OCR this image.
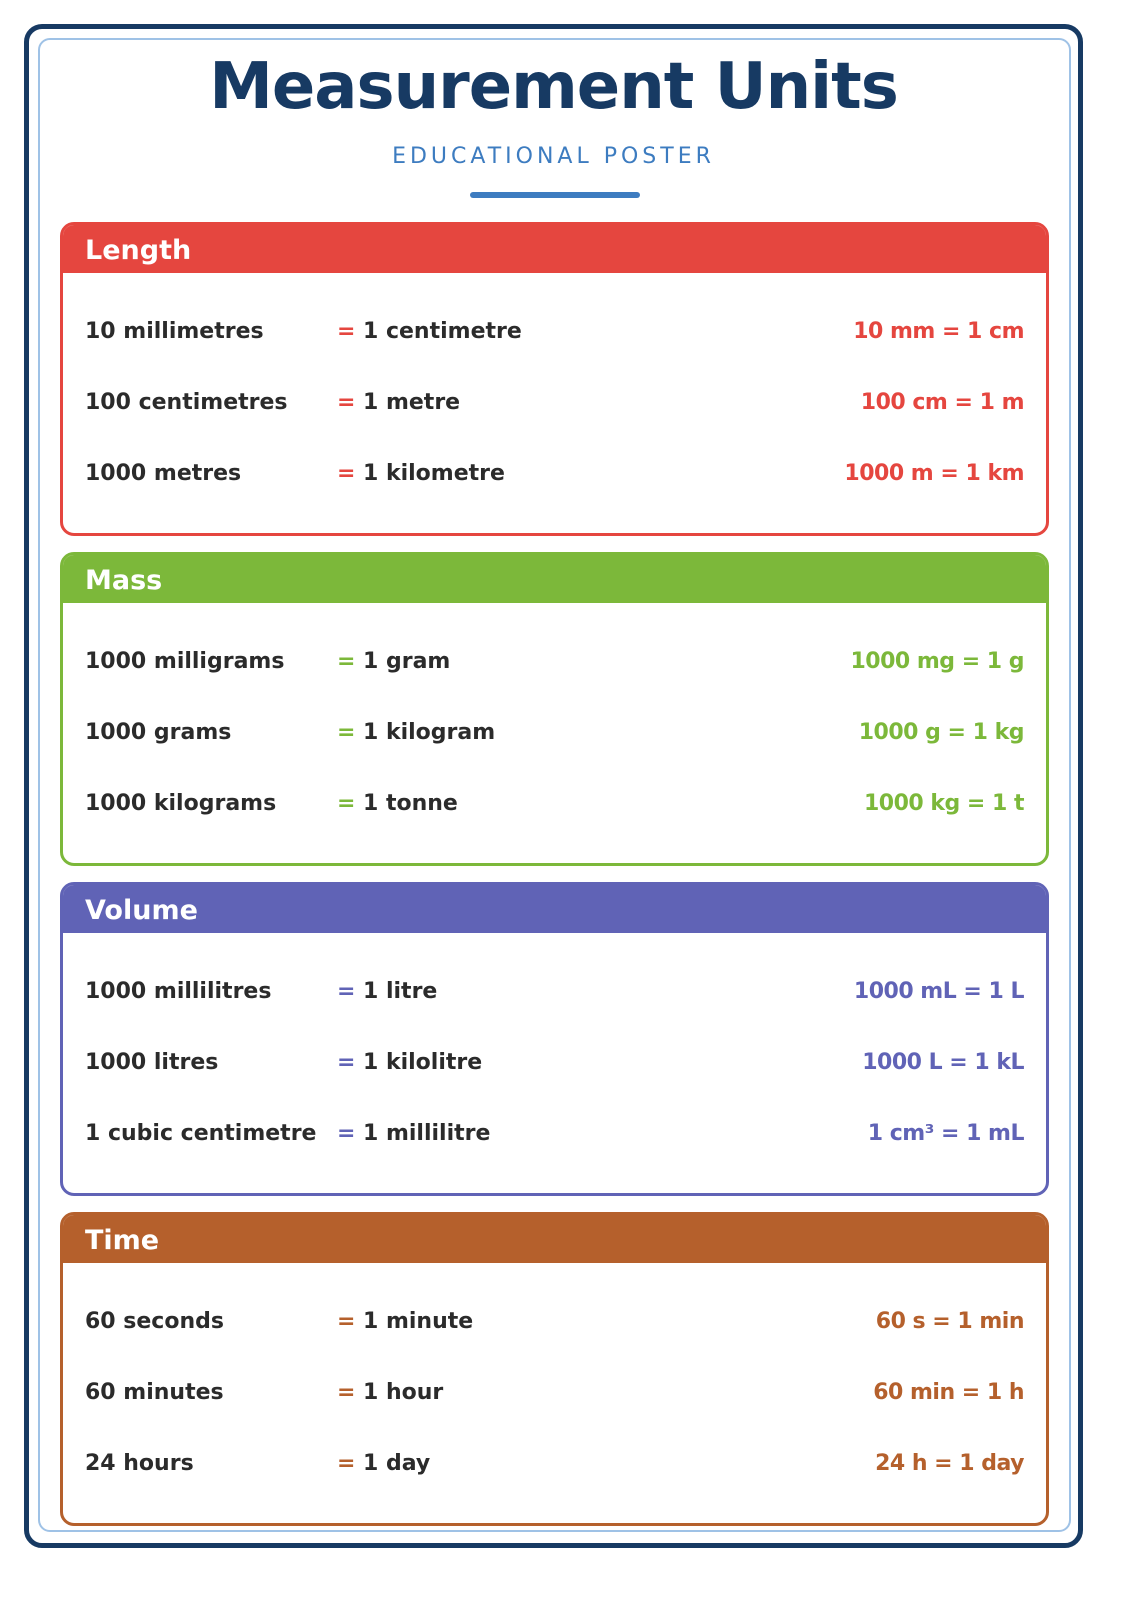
Measurement Units

EDUCATIONAL POSTER

Length
10 millimetres	= 1 centimetre	10 mm = 1 cm
100 centimetres = 1 metre	100 cm = 1 m
1000 metres	= 1 kilometre	1000 m = 1 km
Mass
1000 milligrams = 1 gram	1000 mg = 1 g
1000 grams	= 1 kilogram	1000 g = 1 kg
1000 kilograms	= 1 tonne	1000 kg = 1 t
Volume
1000 millilitres	= 1 litre	1000 mL = 1 L
1000 litres	= 1 kilolitre	1000 L = 1 kL
1 cubic centimetre = 1 millilitre	1 cm³ = 1 mL
Time
60 seconds	= 1 minute	60 s = 1 min
60 minutes	= 1 hour	60 min = 1 h
24 hours	= 1 day	24 h = 1 day
